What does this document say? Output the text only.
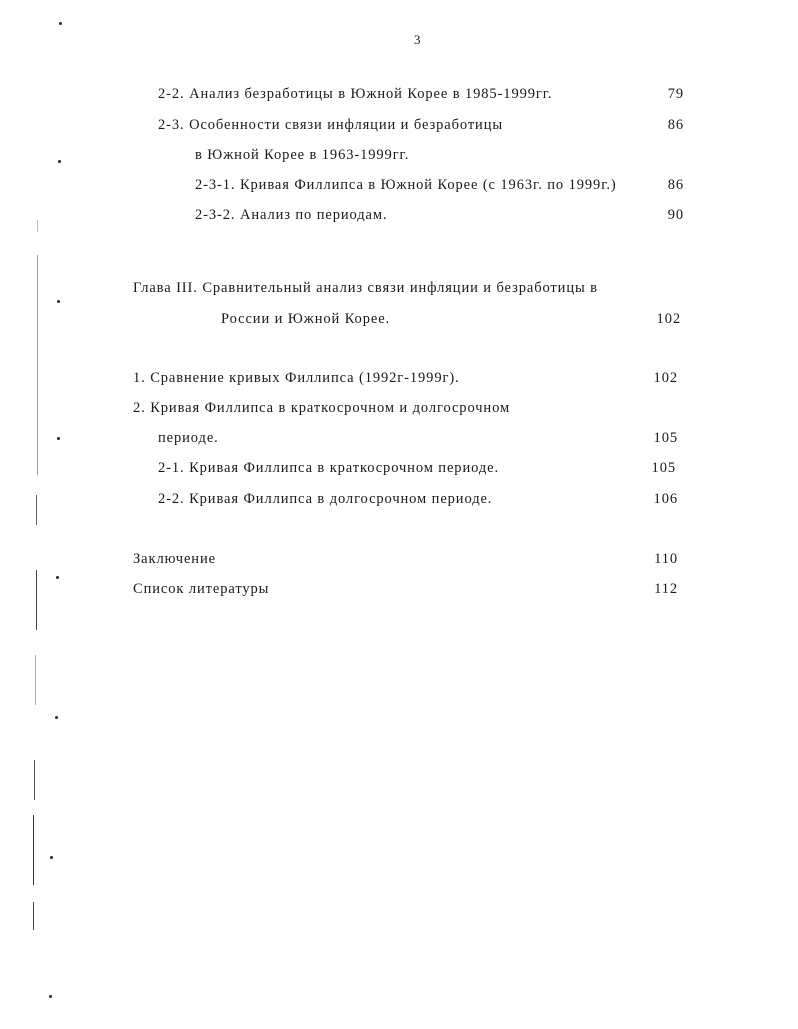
3
2-2. Анализ безработицы в Южной Корее в 1985-1999гг.	79
2-3. Особенности связи инфляции и безработицы	86
в Южной Корее в 1963-1999гг.
2-3-1. Кривая Филлипса в Южной Корее (с 1963г. по 1999г.)	86
2-3-2. Анализ по периодам.	90
Глава III. Сравнительный анализ связи инфляции и безработицы в
России и Южной Корее.	102
1. Сравнение кривых Филлипса (1992г-1999г).	102
2. Кривая Филлипса в краткосрочном и долгосрочном
периоде.	105
2-1. Кривая Филлипса в краткосрочном периоде.	105
2-2. Кривая Филлипса в долгосрочном периоде.	106
Заключение	110
Список литературы	112
